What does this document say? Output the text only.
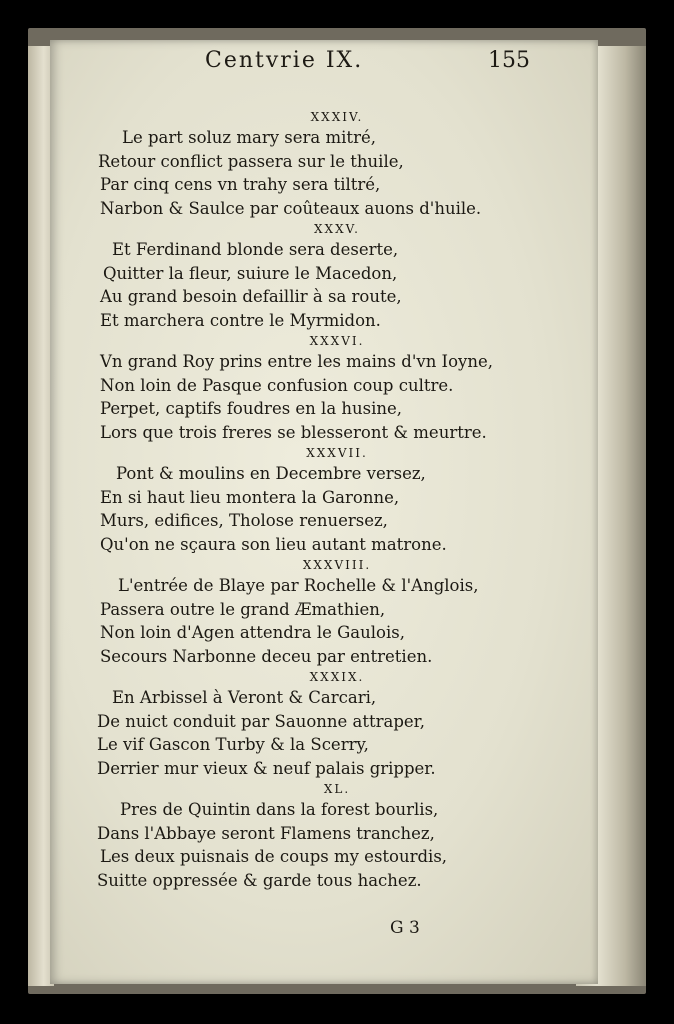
Centvrie IX.	155
XXXIV.
Le part soluz mary sera mitré,
Retour conflict passera sur le thuile,
Par cinq cens vn trahy sera tiltré,
Narbon & Saulce par coûteaux auons d'huile.
XXXV.
Et Ferdinand blonde sera deserte,
Quitter la fleur, suiure le Macedon,
Au grand besoin defaillir à sa route,
Et marchera contre le Myrmidon.
XXXVI.
Vn grand Roy prins entre les mains d'vn Ioyne,
Non loin de Pasque confusion coup cultre.
Perpet, captifs foudres en la husine,
Lors que trois freres se blesseront & meurtre.
XXXVII.
Pont & moulins en Decembre versez,
En si haut lieu montera la Garonne,
Murs, edifices, Tholose renuersez,
Qu'on ne sçaura son lieu autant matrone.
XXXVIII.
L'entrée de Blaye par Rochelle & l'Anglois,
Passera outre le grand Æmathien,
Non loin d'Agen attendra le Gaulois,
Secours Narbonne deceu par entretien.
XXXIX.
En Arbissel à Veront & Carcari,
De nuict conduit par Sauonne attraper,
Le vif Gascon Turby & la Scerry,
Derrier mur vieux & neuf palais gripper.
XL.
Pres de Quintin dans la forest bourlis,
Dans l'Abbaye seront Flamens tranchez,
Les deux puisnais de coups my estourdis,
Suitte oppressée & garde tous hachez.
G 3
